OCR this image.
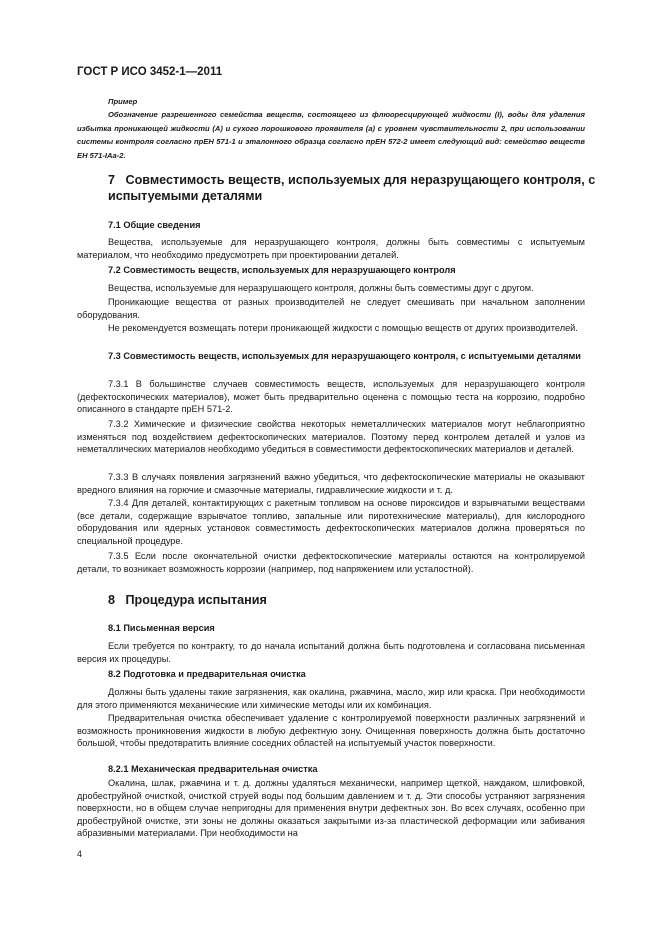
ГОСТ Р ИСО 3452-1—2011
Пример
Обозначение разрешенного семейства веществ, состоящего из флюоресцирующей жидкости (I), воды для удаления избытка проникающей жидкости (А) и сухого порошкового проявителя (а) с уровнем чувствительности 2, при использовании системы контроля согласно прЕН 571-1 и эталонного образца согласно прЕН 572-2 имеет следующий вид: семейство веществ ЕН 571-IАа-2.
7 Совместимость веществ, используемых для неразрущающего контроля, с испытуемыми деталями
7.1 Общие сведения
Вещества, используемые для неразрушающего контроля, должны быть совместимы с испытуемым материалом, что необходимо предусмотреть при проектировании деталей.
7.2 Совместимость веществ, используемых для неразрушающего контроля
Вещества, используемые для неразрушающего контроля, должны быть совместимы друг с другом.
Проникающие вещества от разных производителей не следует смешивать при начальном заполнении оборудования.
Не рекомендуется возмещать потери проникающей жидкости с помощью веществ от других производителей.
7.3 Совместимость веществ, используемых для неразрушающего контроля, с испытуемыми деталями
7.3.1 В большинстве случаев совместимость веществ, используемых для неразрушающего контроля (дефектоскопических материалов), может быть предварительно оценена с помощью теста на коррозию, подробно описанного в стандарте прЕН 571-2.
7.3.2 Химические и физические свойства некоторых неметаллических материалов могут неблагоприятно изменяться под воздействием дефектоскопических материалов. Поэтому перед контролем деталей и узлов из неметаллических материалов необходимо убедиться в совместимости дефектоскопических материалов и деталей.
7.3.3 В случаях появления загрязнений важно убедиться, что дефектоскопические материалы не оказывают вредного влияния на горючие и смазочные материалы, гидравлические жидкости и т. д.
7.3.4 Для деталей, контактирующих с ракетным топливом на основе пироксидов и взрывчатыми веществами (все детали, содержащие взрывчатое топливо, запальные или пиротехнические материалы), для кислородного оборудования или ядерных установок совместимость дефектоскопических материалов должна проверяться по специальной процедуре.
7.3.5 Если после окончательной очистки дефектоскопические материалы остаются на контролируемой детали, то возникает возможность коррозии (например, под напряжением или усталостной).
8 Процедура испытания
8.1 Письменная версия
Если требуется по контракту, то до начала испытаний должна быть подготовлена и согласована письменная версия их процедуры.
8.2 Подготовка и предварительная очистка
Должны быть удалены такие загрязнения, как окалина, ржавчина, масло, жир или краска. При необходимости для этого применяются механические или химические методы или их комбинация.
Предварительная очистка обеспечивает удаление с контролируемой поверхности различных загрязнений и возможность проникновения жидкости в любую дефектную зону. Очищенная поверхность должна быть достаточно большой, чтобы предотвратить влияние соседних областей на испытуемый участок поверхности.
8.2.1 Механическая предварительная очистка
Окалина, шлак, ржавчина и т. д. должны удаляться механически, например щеткой, наждаком, шлифовкой, дробеструйной очисткой, очисткой струей воды под большим давлением и т. д. Эти способы устраняют загрязнения поверхности, но в общем случае непригодны для применения внутри дефектных зон. Во всех случаях, особенно при дробеструйной очистке, эти зоны не должны оказаться закрытыми из-за пластической деформации или забивания абразивными материалами. При необходимости на
4
